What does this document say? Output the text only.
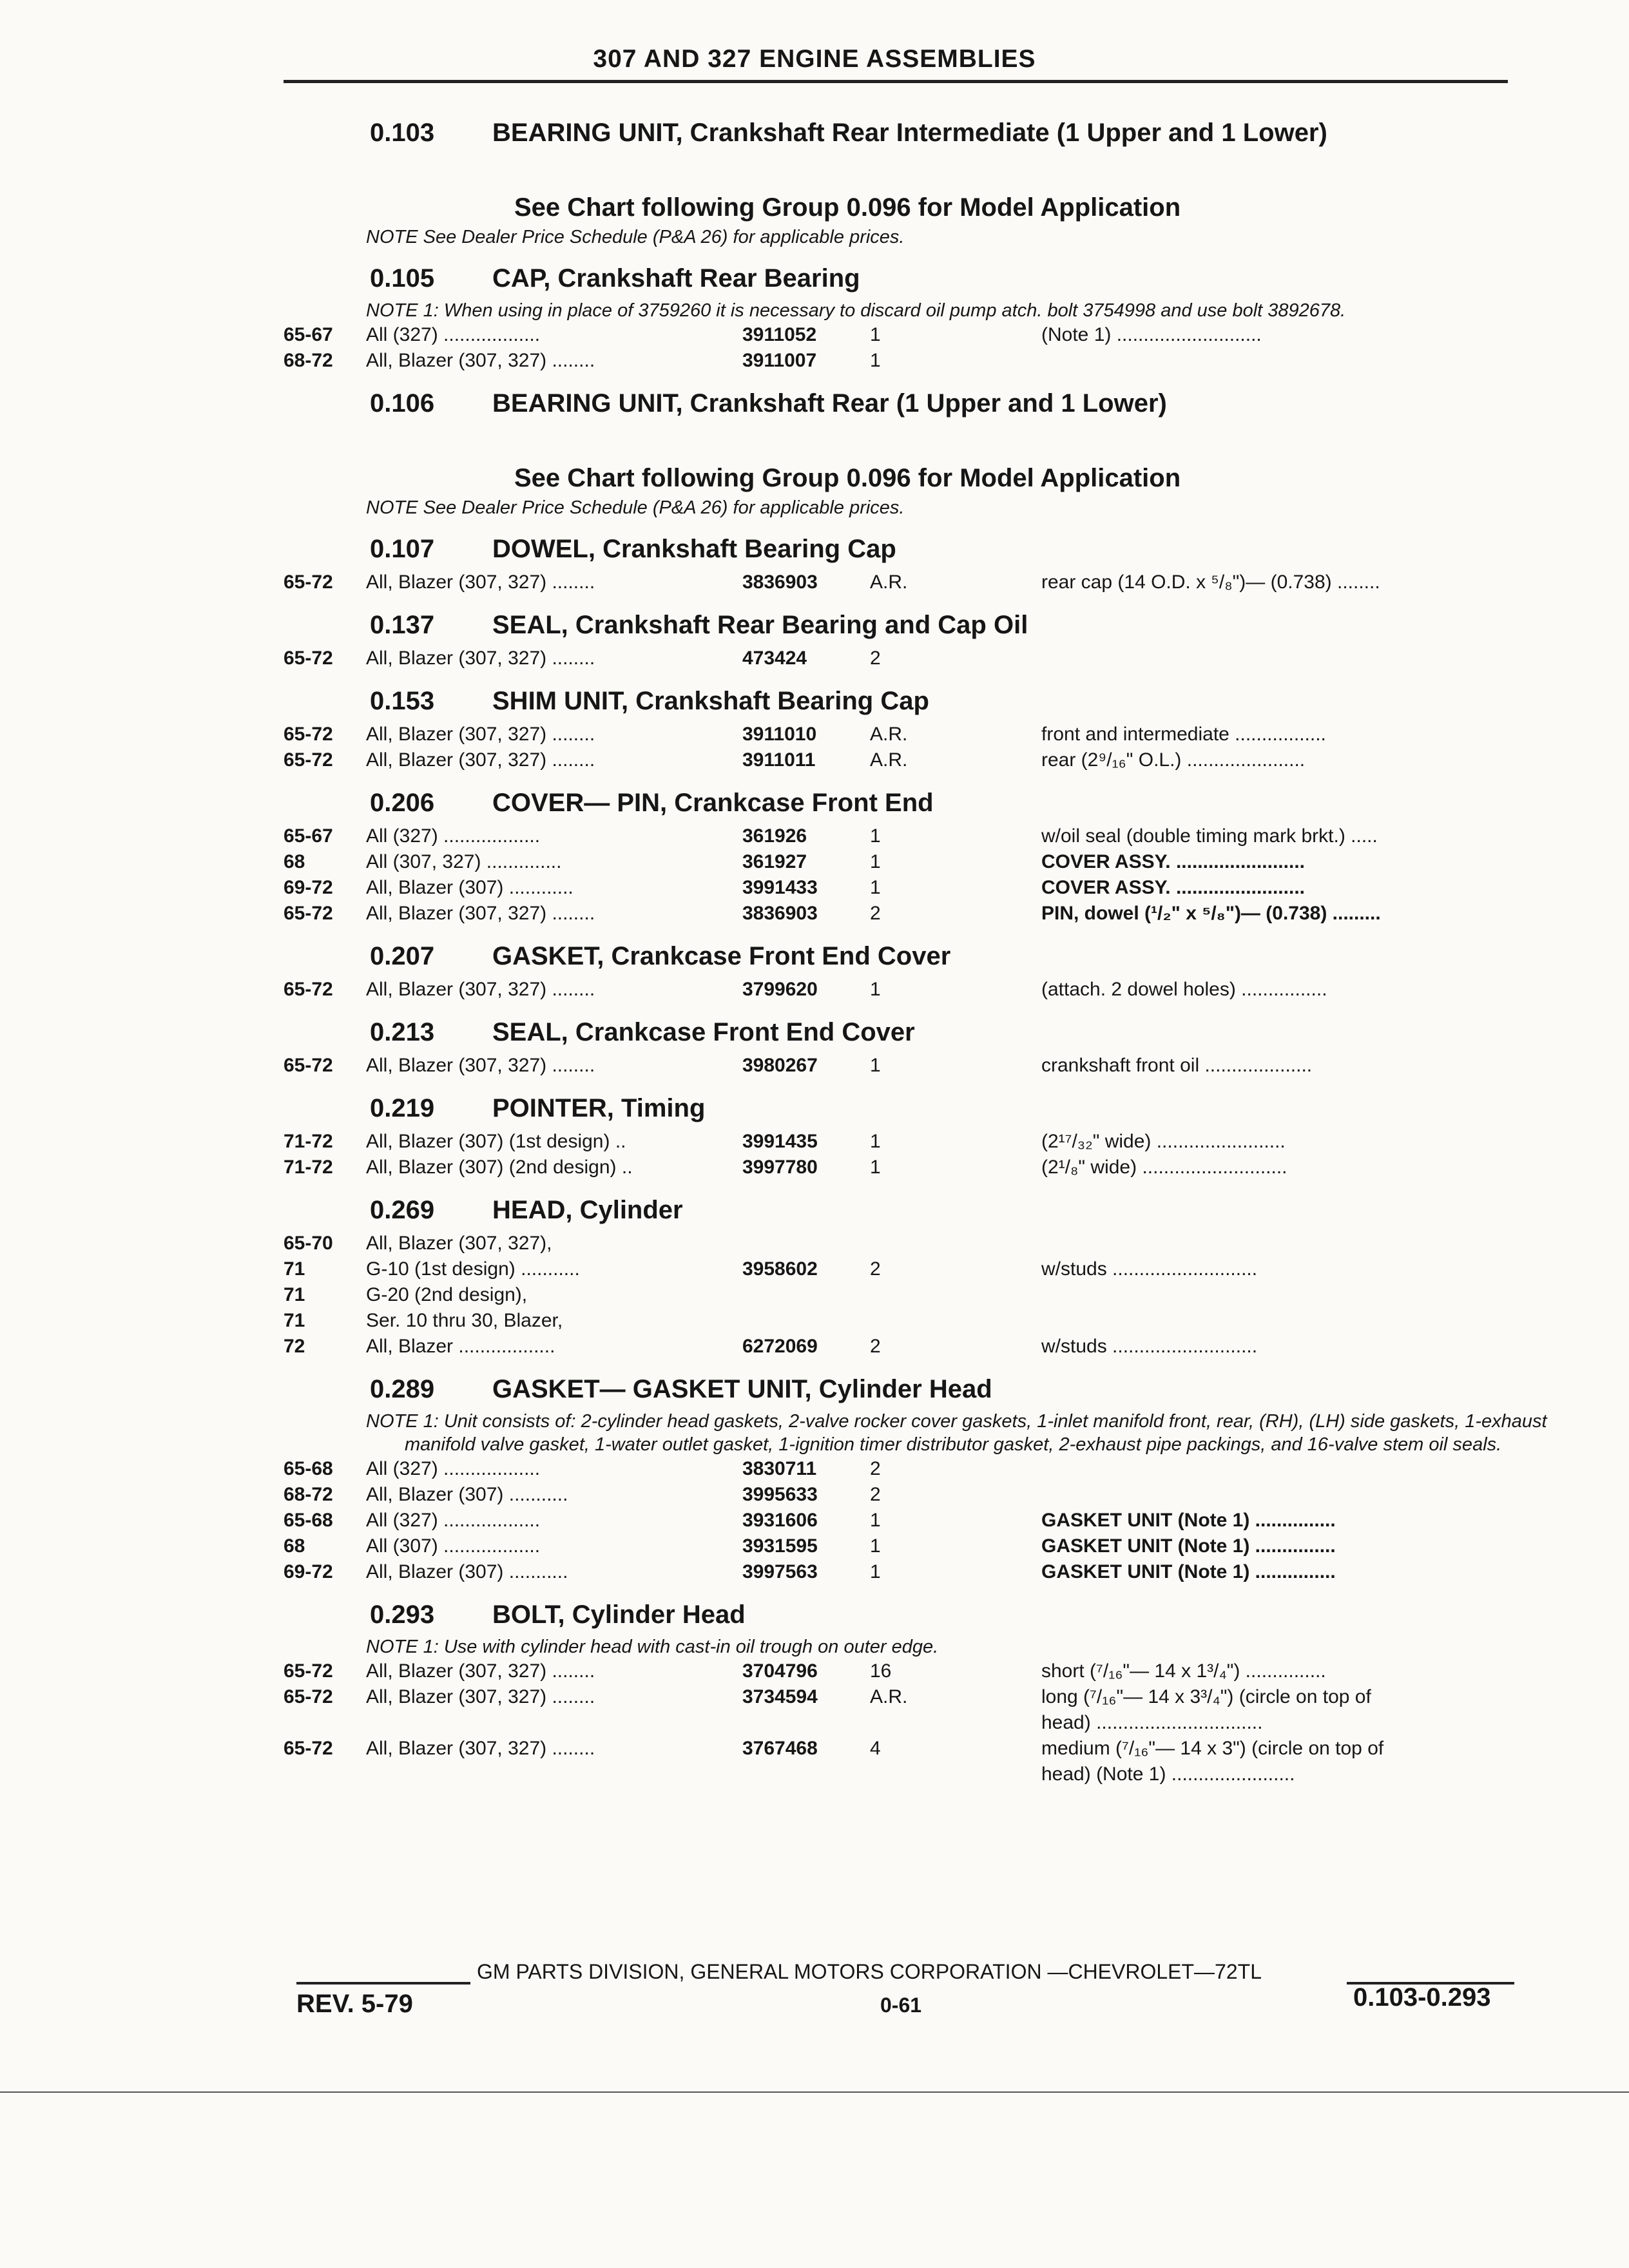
307 AND 327 ENGINE ASSEMBLIES
0.103 BEARING UNIT, Crankshaft Rear Intermediate (1 Upper and 1 Lower)
See Chart following Group 0.096 for Model Application
NOTE See Dealer Price Schedule (P&A 26) for applicable prices.
0.105 CAP, Crankshaft Rear Bearing
NOTE 1: When using in place of 3759260 it is necessary to discard oil pump atch. bolt 3754998 and use bolt 3892678.
65-67	All (327) ..................	3911052	1	(Note 1) ...........................
68-72	All, Blazer (307, 327) ........	3911007	1
0.106 BEARING UNIT, Crankshaft Rear (1 Upper and 1 Lower)
See Chart following Group 0.096 for Model Application
NOTE See Dealer Price Schedule (P&A 26) for applicable prices.
0.107 DOWEL, Crankshaft Bearing Cap
65-72	All, Blazer (307, 327) ........	3836903	A.R.	rear cap (14 O.D. x ⁵/₈")— (0.738) ........
0.137 SEAL, Crankshaft Rear Bearing and Cap Oil
65-72	All, Blazer (307, 327) ........	473424	2
0.153 SHIM UNIT, Crankshaft Bearing Cap
65-72	All, Blazer (307, 327) ........	3911010	A.R.	front and intermediate .................
65-72	All, Blazer (307, 327) ........	3911011	A.R.	rear (2⁹/₁₆" O.L.) ......................
0.206 COVER— PIN, Crankcase Front End
65-67	All (327) ..................	361926	1	w/oil seal (double timing mark brkt.) .....
68	All (307, 327) ..............	361927	1	COVER ASSY. ........................
69-72	All, Blazer (307) ............	3991433	1	COVER ASSY. ........................
65-72	All, Blazer (307, 327) ........	3836903	2	PIN, dowel (¹/₂" x ⁵/₈")— (0.738) .........
0.207 GASKET, Crankcase Front End Cover
65-72	All, Blazer (307, 327) ........	3799620	1	(attach. 2 dowel holes) ................
0.213 SEAL, Crankcase Front End Cover
65-72	All, Blazer (307, 327) ........	3980267	1	crankshaft front oil ....................
0.219 POINTER, Timing
71-72	All, Blazer (307) (1st design) ..	3991435	1	(2¹⁷/₃₂" wide) ........................
71-72	All, Blazer (307) (2nd design) ..	3997780	1	(2¹/₈" wide) ...........................
0.269 HEAD, Cylinder
65-70	All, Blazer (307, 327),
71	G-10 (1st design) ...........	3958602	2	w/studs ...........................
71	G-20 (2nd design),
71	Ser. 10 thru 30, Blazer,
72	All, Blazer ..................	6272069	2	w/studs ...........................
0.289 GASKET— GASKET UNIT, Cylinder Head
NOTE 1: Unit consists of: 2-cylinder head gaskets, 2-valve rocker cover gaskets, 1-inlet manifold front, rear, (RH), (LH) side gaskets, 1-exhaust manifold valve gasket, 1-water outlet gasket, 1-ignition timer distributor gasket, 2-exhaust pipe packings, and 16-valve stem oil seals.
65-68	All (327) ..................	3830711	2
68-72	All, Blazer (307) ...........	3995633	2
65-68	All (327) ..................	3931606	1	GASKET UNIT (Note 1) ...............
68	All (307) ..................	3931595	1	GASKET UNIT (Note 1) ...............
69-72	All, Blazer (307) ...........	3997563	1	GASKET UNIT (Note 1) ...............
0.293 BOLT, Cylinder Head
NOTE 1: Use with cylinder head with cast-in oil trough on outer edge.
65-72	All, Blazer (307, 327) ........	3704796	16	short (⁷/₁₆"— 14 x 1³/₄") ...............
65-72	All, Blazer (307, 327) ........	3734594	A.R.	long (⁷/₁₆"— 14 x 3³/₄") (circle on top of
head) ...............................
65-72	All, Blazer (307, 327) ........	3767468	4	medium (⁷/₁₆"— 14 x 3") (circle on top of
head) (Note 1) .......................
GM PARTS DIVISION, GENERAL MOTORS CORPORATION —CHEVROLET—72TL
REV. 5-79	0-61	0.103-0.293
